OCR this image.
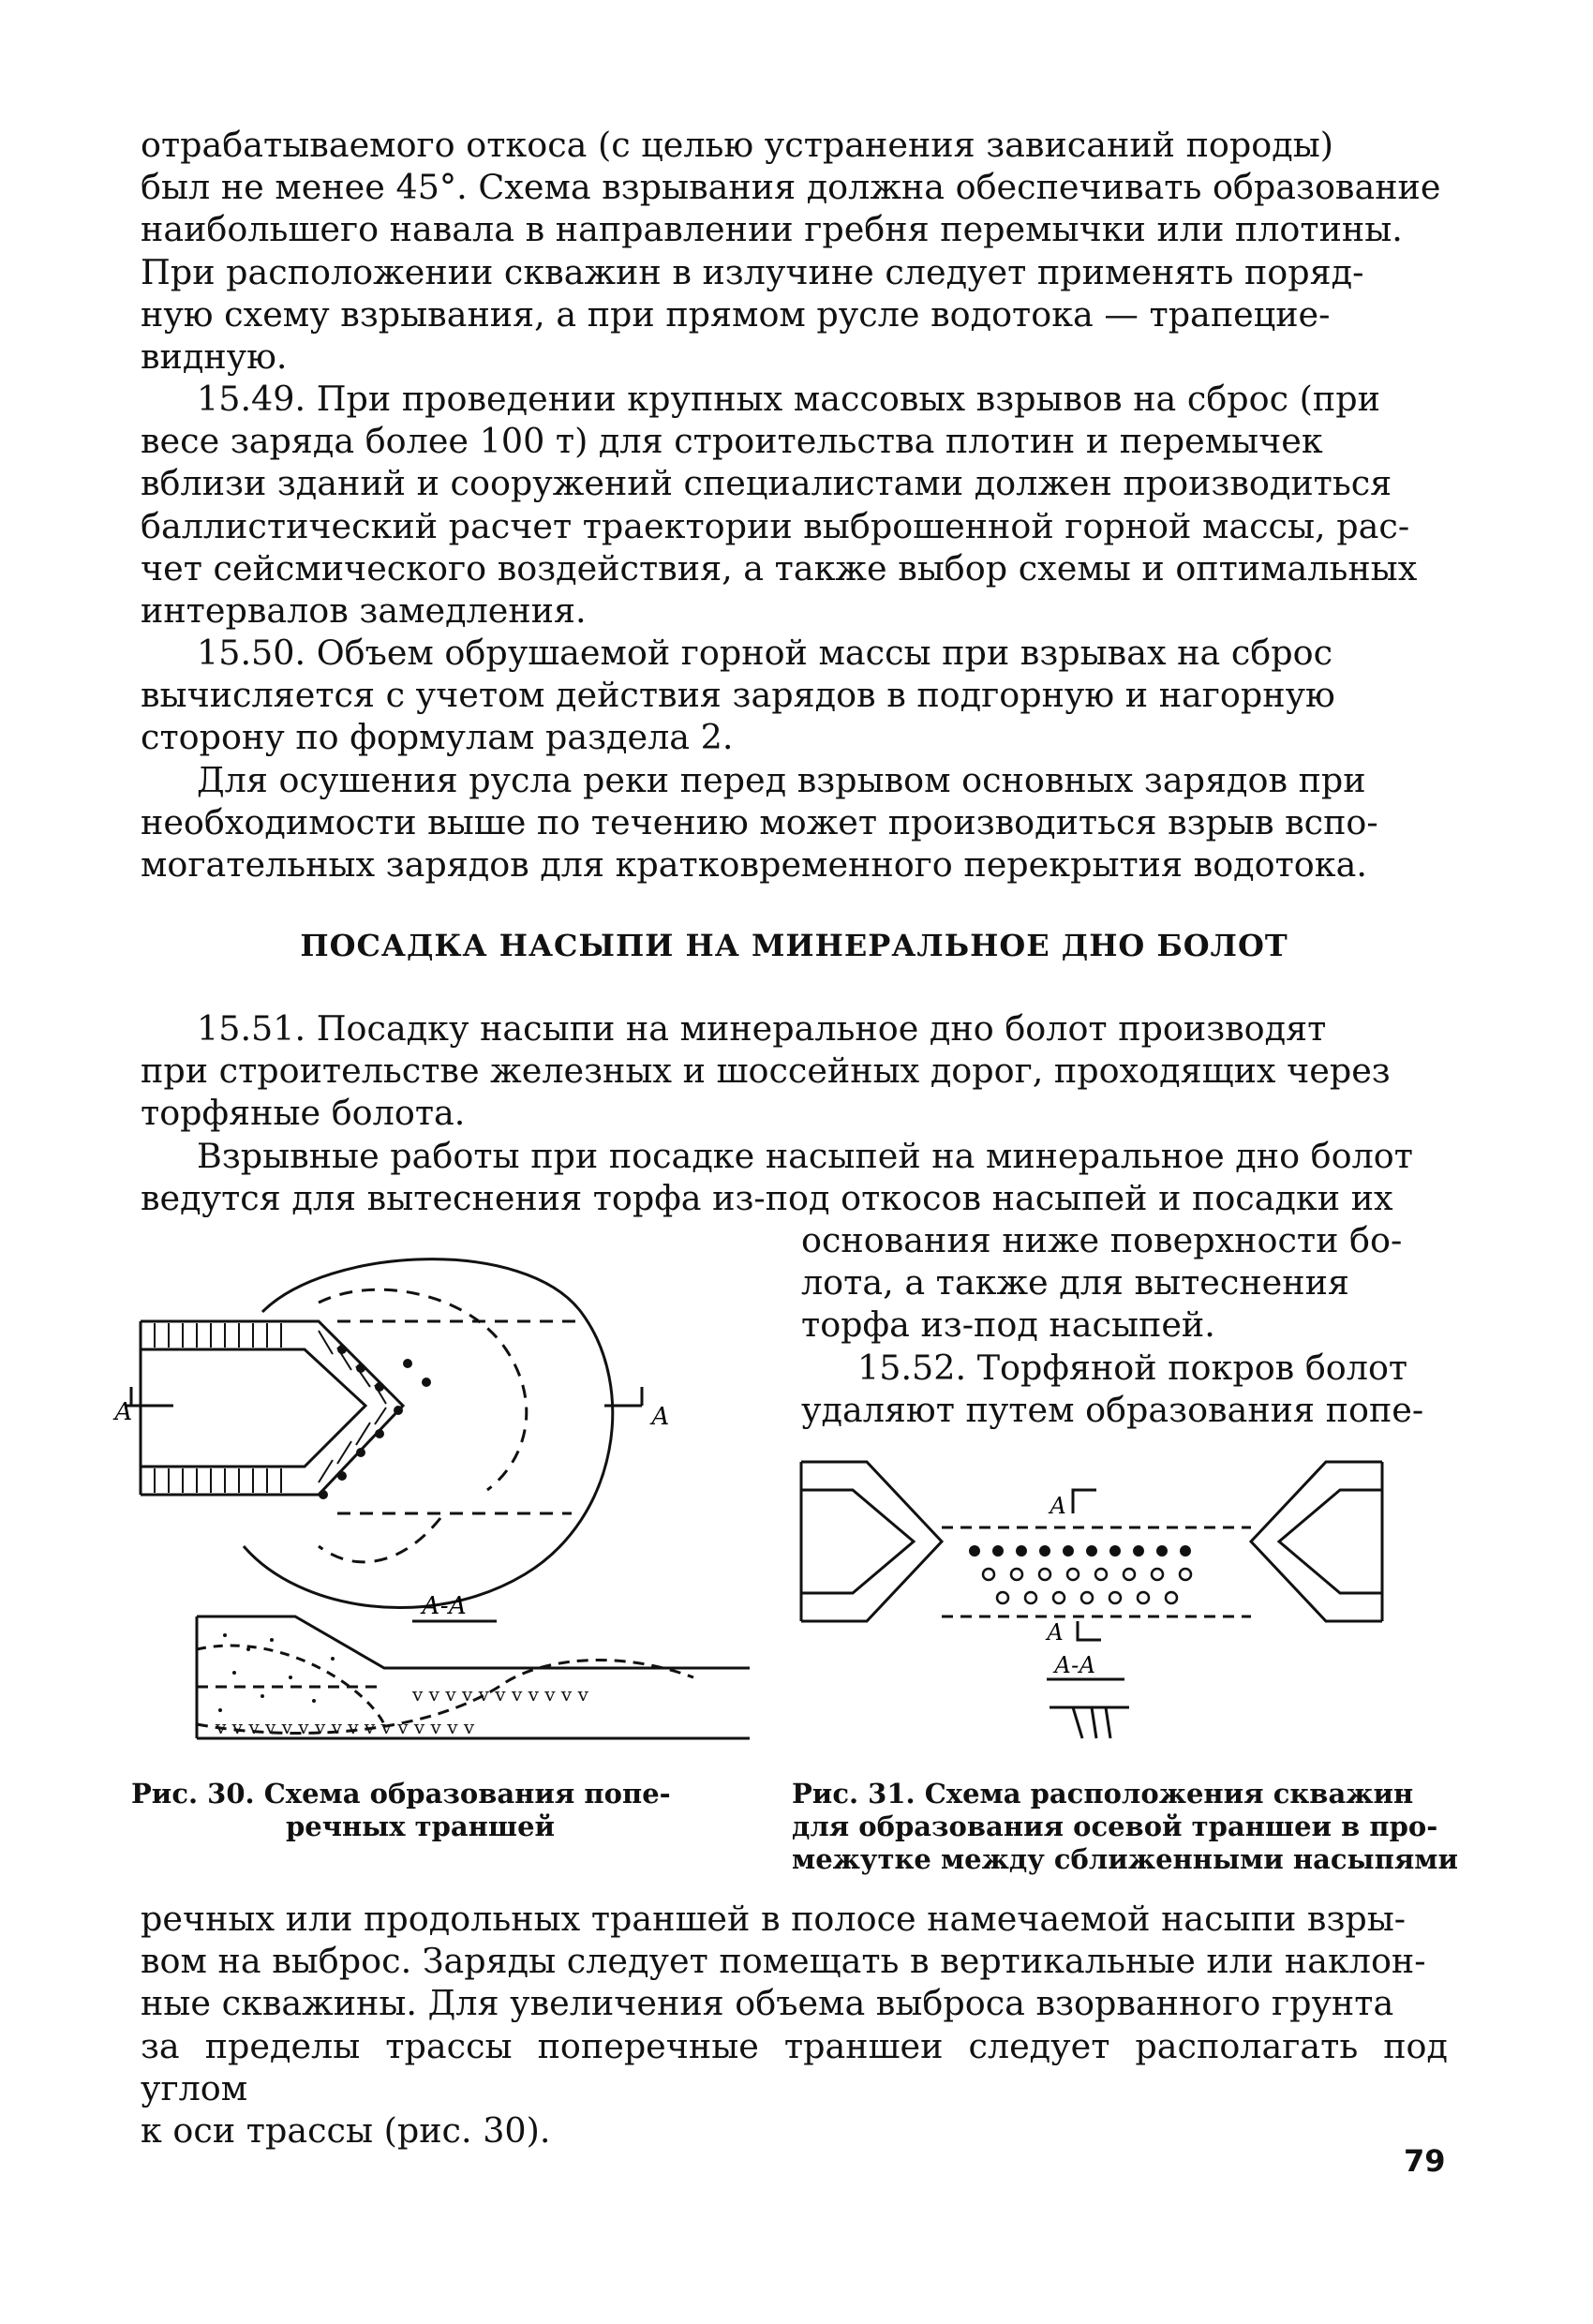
отрабатываемого откоса (с целью устранения зависаний породы)
был не менее 45°. Схема взрывания должна обеспечивать образование
наибольшего навала в направлении гребня перемычки или плотины.
При расположении скважин в излучине следует применять поряд-
ную схему взрывания, а при прямом русле водотока — трапецие-
видную.
15.49. При проведении крупных массовых взрывов на сброс (при
весе заряда более 100 т) для строительства плотин и перемычек
вблизи зданий и сооружений специалистами должен производиться
баллистический расчет траектории выброшенной горной массы, рас-
чет сейсмического воздействия, а также выбор схемы и оптимальных
интервалов замедления.
15.50. Объем обрушаемой горной массы при взрывах на сброс
вычисляется с учетом действия зарядов в подгорную и нагорную
сторону по формулам раздела 2.
Для осушения русла реки перед взрывом основных зарядов при
необходимости выше по течению может производиться взрыв вспо-
могательных зарядов для кратковременного перекрытия водотока.
ПОСАДКА НАСЫПИ НА МИНЕРАЛЬНОЕ ДНО БОЛОТ
15.51. Посадку насыпи на минеральное дно болот производят
при строительстве железных и шоссейных дорог, проходящих через
торфяные болота.
Взрывные работы при посадке насыпей на минеральное дно болот
ведутся для вытеснения торфа из-под откосов насыпей и посадки их
основания ниже поверхности бо-
лота, а также для вытеснения
торфа из-под насыпей.
15.52. Торфяной покров болот
удаляют путем образования попе-
А	А
А-А
v v v v v v v v v v v
v v v v v v v v v v v v v v v v
А
А
А-А
Рис. 30. Схема образования попе-
речных траншей
Рис. 31. Схема расположения скважин
для образования осевой траншеи в про-
межутке между сближенными насыпями
речных или продольных траншей в полосе намечаемой насыпи взры-
вом на выброс. Заряды следует помещать в вертикальные или наклон-
ные скважины. Для увеличения объема выброса взорванного грунта
за пределы трассы поперечные траншеи следует располагать под углом
к оси трассы (рис. 30).
79
